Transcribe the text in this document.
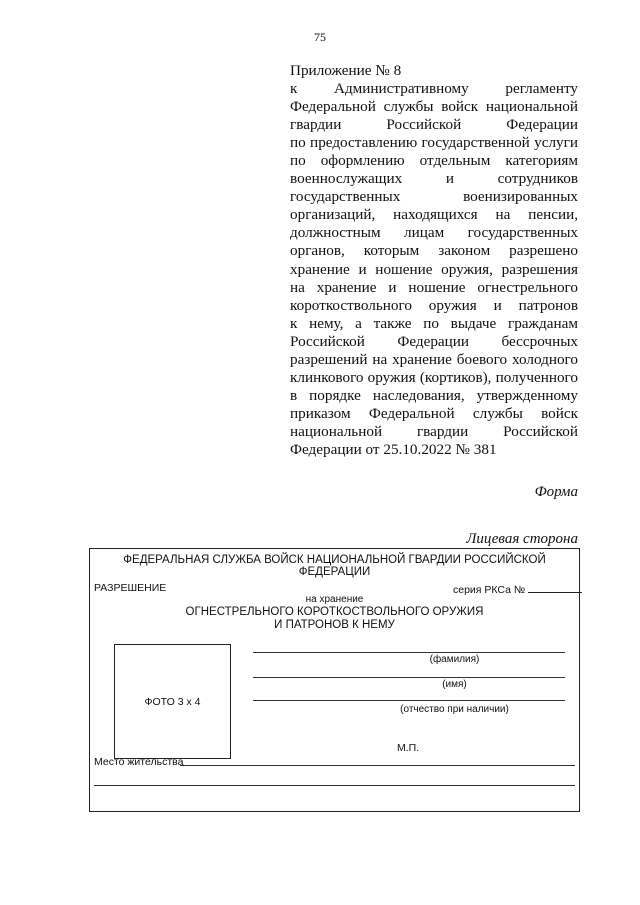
75
Приложение № 8
к Административному регламенту
Федеральной службы войск национальной
гвардии Российской Федерации
по предоставлению государственной услуги
по оформлению отдельным категориям
военнослужащих и сотрудников
государственных военизированных
организаций, находящихся на пенсии,
должностным лицам государственных
органов, которым законом разрешено
хранение и ношение оружия, разрешения
на хранение и ношение огнестрельного
короткоствольного оружия и патронов
к нему, а также по выдаче гражданам
Российской Федерации бессрочных
разрешений на хранение боевого холодного
клинкового оружия (кортиков), полученного
в порядке наследования, утвержденному
приказом Федеральной службы войск
национальной гвардии Российской
Федерации от 25.10.2022 № 381
Форма
Лицевая сторона
ФЕДЕРАЛЬНАЯ СЛУЖБА ВОЙСК НАЦИОНАЛЬНОЙ ГВАРДИИ РОССИЙСКОЙ ФЕДЕРАЦИИ
РАЗРЕШЕНИЕ	серия РКСа №
на хранение
ОГНЕСТРЕЛЬНОГО КОРОТКОСТВОЛЬНОГО ОРУЖИЯ
И ПАТРОНОВ К НЕМУ
ФОТО 3 x 4
(фамилия)
(имя)
(отчество при наличии)
М.П.
Место жительства
